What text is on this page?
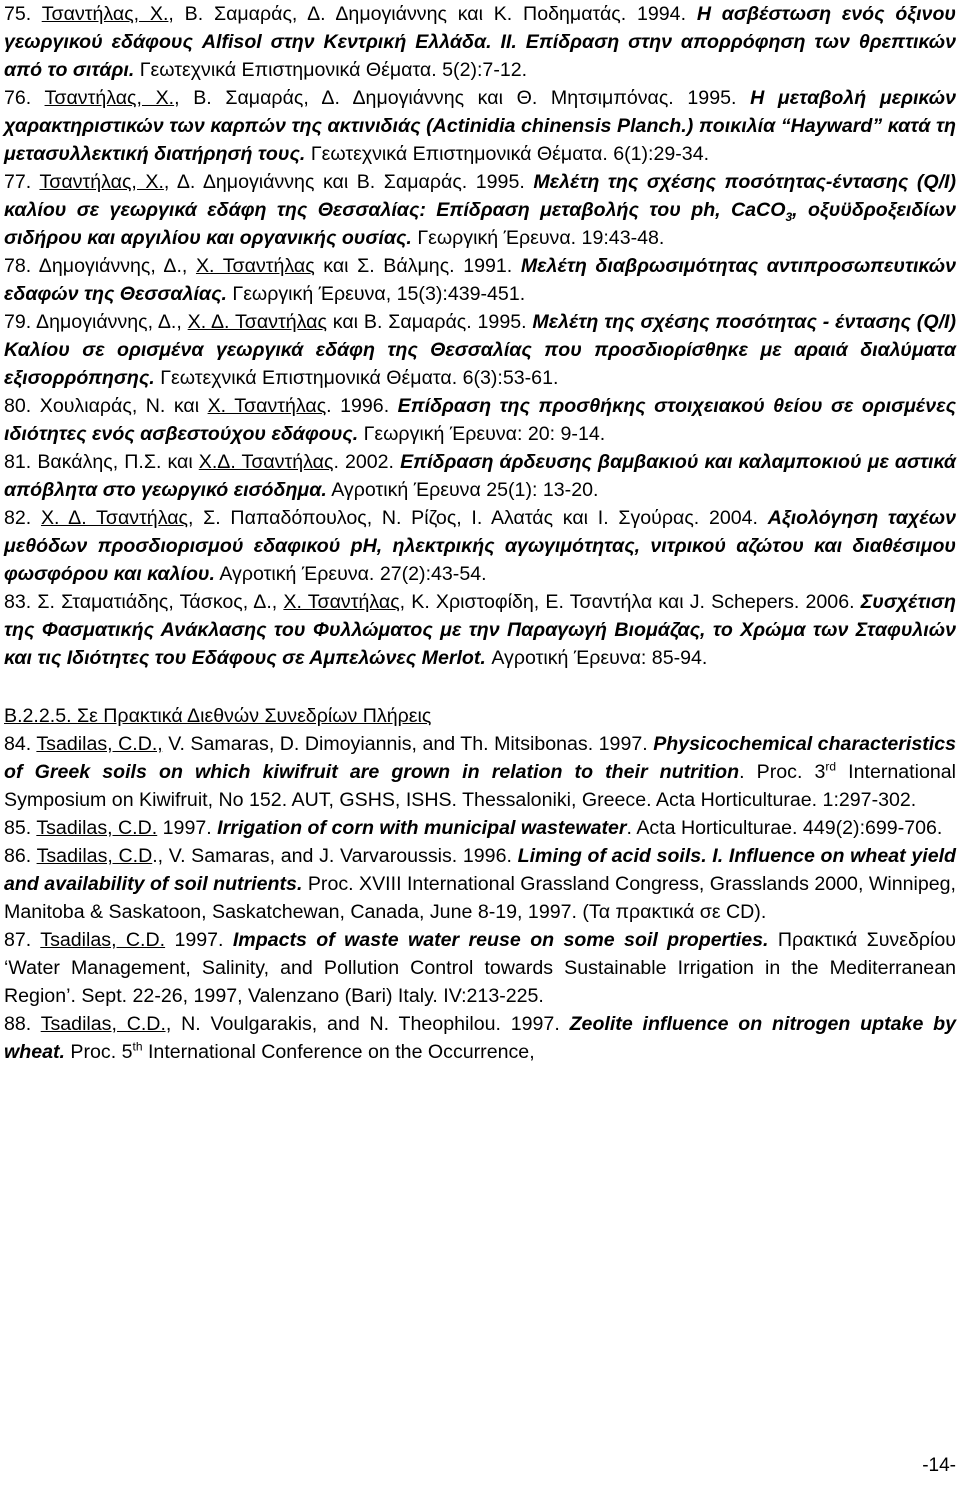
75. Τσαντήλας, Χ., Β. Σαμαράς, Δ. Δημογιάννης και Κ. Ποδηματάς. 1994. Η ασβέστωση ενός όξινου γεωργικού εδάφους Alfisol στην Κεντρική Ελλάδα. ΙΙ. Επίδραση στην απορρόφηση των θρεπτικών από το σιτάρι. Γεωτεχνικά Επιστημονικά Θέματα. 5(2):7-12.

76. Τσαντήλας, Χ., Β. Σαμαράς, Δ. Δημογιάννης και Θ. Μητσιμπόνας. 1995. Η μεταβολή μερικών χαρακτηριστικών των καρπών της ακτινιδιάς (Actinidia chinensis Planch.) ποικιλία “Hayward” κατά τη μετασυλλεκτική διατήρησή τους. Γεωτεχνικά Επιστημονικά Θέματα. 6(1):29-34.

77. Τσαντήλας, Χ., Δ. Δημογιάννης και Β. Σαμαράς. 1995. Μελέτη της σχέσης ποσότητας-έντασης (Q/I) καλίου σε γεωργικά εδάφη της Θεσσαλίας: Επίδραση μεταβολής του ph, CaCO$_3$, οξυϋδροξειδίων σιδήρου και αργιλίου και οργανικής ουσίας. Γεωργική Έρευνα. 19:43-48.

78. Δημογιάννης, Δ., Χ. Τσαντήλας και Σ. Βάλμης. 1991. Μελέτη διαβρωσιμότητας αντιπροσωπευτικών εδαφών της Θεσσαλίας. Γεωργική Έρευνα, 15(3):439-451.

79. Δημογιάννης, Δ., Χ. Δ. Τσαντήλας και Β. Σαμαράς. 1995. Μελέτη της σχέσης ποσότητας - έντασης (Q/I) Καλίου σε ορισμένα γεωργικά εδάφη της Θεσσαλίας που προσδιορίσθηκε με αραιά διαλύματα εξισορρόπησης. Γεωτεχνικά Επιστημονικά Θέματα. 6(3):53-61.

80. Χουλιαράς, Ν. και Χ. Τσαντήλας. 1996. Επίδραση της προσθήκης στοιχειακού θείου σε ορισμένες ιδιότητες ενός ασβεστούχου εδάφους. Γεωργική Έρευνα: 20: 9-14.

81. Βακάλης, Π.Σ. και Χ.Δ. Τσαντήλας. 2002. Επίδραση άρδευσης βαμβακιού και καλαμποκιού με αστικά απόβλητα στο γεωργικό εισόδημα. Αγροτική Έρευνα 25(1): 13-20.

82. Χ. Δ. Τσαντήλας, Σ. Παπαδόπουλος, Ν. Ρίζος, Ι. Αλατάς και Ι. Σγούρας. 2004. Αξιολόγηση ταχέων μεθόδων προσδιορισμού εδαφικού pH, ηλεκτρικής αγωγιμότητας, νιτρικού αζώτου και διαθέσιμου φωσφόρου και καλίου. Αγροτική Έρευνα. 27(2):43-54.

83. Σ. Σταματιάδης, Τάσκος, Δ., Χ. Τσαντήλας, Κ. Χριστοφίδη, Ε. Τσαντήλα και J. Schepers. 2006. Συσχέτιση της Φασματικής Ανάκλασης του Φυλλώματος με την Παραγωγή Βιομάζας, το Χρώμα των Σταφυλιών και τις Ιδιότητες του Εδάφους σε Αμπελώνες Merlot. Αγροτική Έρευνα: 85-94.

Β.2.2.5. Σε Πρακτικά Διεθνών Συνεδρίων Πλήρεις

84. Tsadilas, C.D., V. Samaras, D. Dimoyiannis, and Th. Mitsibonas. 1997. Physicochemical characteristics of Greek soils on which kiwifruit are grown in relation to their nutrition. Proc. 3rd International Symposium on Kiwifruit, No 152. AUT, GSHS, ISHS. Thessaloniki, Greece. Acta Horticulturae. 1:297-302.

85. Tsadilas, C.D. 1997. Irrigation of corn with municipal wastewater. Acta Horticulturae. 449(2):699-706.

86. Tsadilas, C.D., V. Samaras, and J. Varvaroussis. 1996. Liming of acid soils. I. Influence on wheat yield and availability of soil nutrients. Proc. XVIII International Grassland Congress, Grasslands 2000, Winnipeg, Manitoba & Saskatoon, Saskatchewan, Canada, June 8-19, 1997. (Τα πρακτικά σε CD).

87. Tsadilas, C.D. 1997. Impacts of waste water reuse on some soil properties. Πρακτικά Συνεδρίου ‘Water Management, Salinity, and Pollution Control towards Sustainable Irrigation in the Mediterranean Region’. Sept. 22-26, 1997, Valenzano (Bari) Italy. IV:213-225.

88. Tsadilas, C.D., N. Voulgarakis, and N. Theophilou. 1997. Zeolite influence on nitrogen uptake by wheat. Proc. 5th International Conference on the Occurrence,

-14-
